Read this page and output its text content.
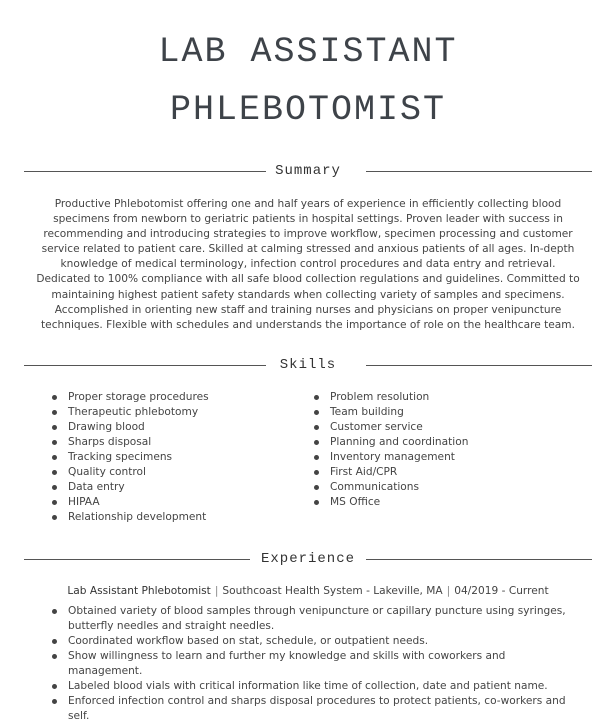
LAB ASSISTANT
PHLEBOTOMIST
Summary
Productive Phlebotomist offering one and half years of experience in efficiently collecting blood specimens from newborn to geriatric patients in hospital settings. Proven leader with success in recommending and introducing strategies to improve workflow, specimen processing and customer service related to patient care. Skilled at calming stressed and anxious patients of all ages. In-depth knowledge of medical terminology, infection control procedures and data entry and retrieval. Dedicated to 100% compliance with all safe blood collection regulations and guidelines. Committed to maintaining highest patient safety standards when collecting variety of samples and specimens. Accomplished in orienting new staff and training nurses and physicians on proper venipuncture techniques. Flexible with schedules and understands the importance of role on the healthcare team.
Skills
Proper storage procedures
Therapeutic phlebotomy
Drawing blood
Sharps disposal
Tracking specimens
Quality control
Data entry
HIPAA
Relationship development
Problem resolution
Team building
Customer service
Planning and coordination
Inventory management
First Aid/CPR
Communications
MS Office
Experience
Lab Assistant Phlebotomist | Southcoast Health System - Lakeville, MA | 04/2019 - Current
Obtained variety of blood samples through venipuncture or capillary puncture using syringes, butterfly needles and straight needles.
Coordinated workflow based on stat, schedule, or outpatient needs.
Show willingness to learn and further my knowledge and skills with coworkers and management.
Labeled blood vials with critical information like time of collection, date and patient name.
Enforced infection control and sharps disposal procedures to protect patients, co-workers and self.
